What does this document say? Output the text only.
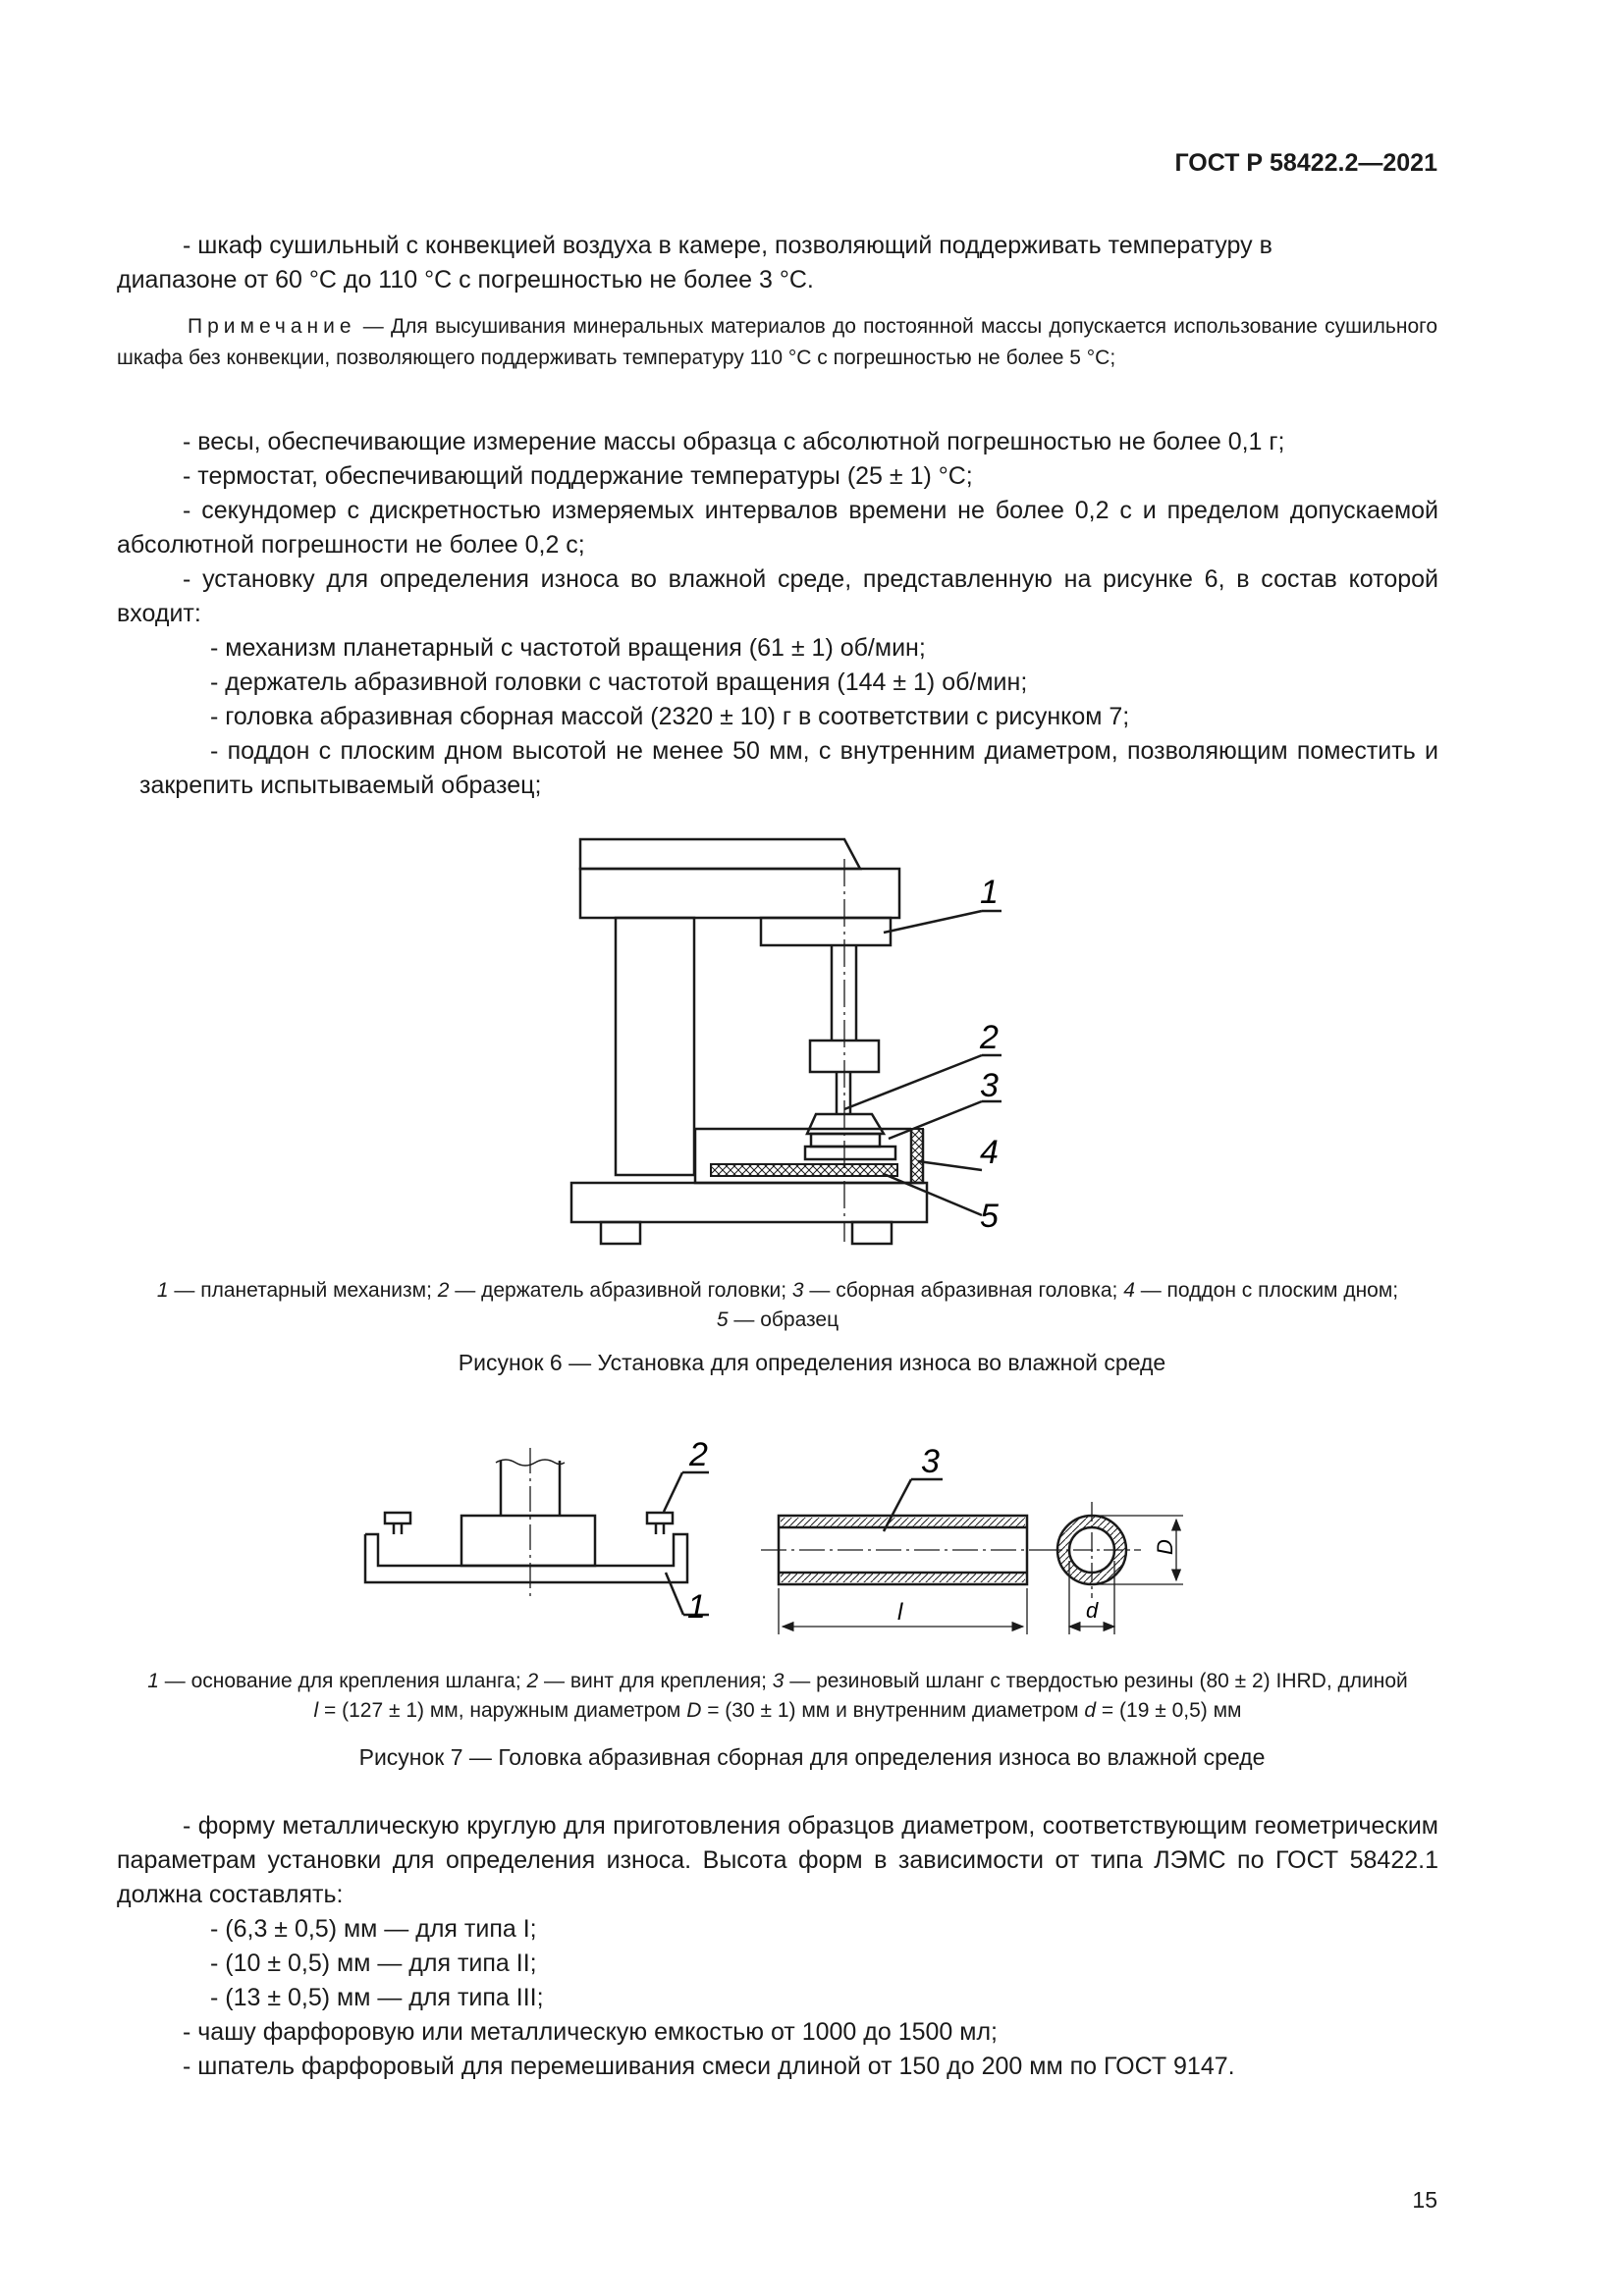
ГОСТ Р 58422.2—2021
- шкаф сушильный с конвекцией воздуха в камере, позволяющий поддерживать температуру в
диапазоне от 60 °С до 110 °С с погрешностью не более 3 °С.
Примечание — Для высушивания минеральных материалов до постоянной массы допускается использование сушильного шкафа без конвекции, позволяющего поддерживать температуру 110 °С с погрешностью не более 5 °С;
- весы, обеспечивающие измерение массы образца с абсолютной погрешностью не более 0,1 г;
- термостат, обеспечивающий поддержание температуры (25 ± 1) °С;
- секундомер с дискретностью измеряемых интервалов времени не более 0,2 с и пределом допускаемой абсолютной погрешности не более 0,2 с;
- установку для определения износа во влажной среде, представленную на рисунке 6, в состав которой входит:
- механизм планетарный с частотой вращения (61 ± 1) об/мин;
- держатель абразивной головки с частотой вращения (144 ± 1) об/мин;
- головка абразивная сборная массой (2320 ± 10) г в соответствии с рисунком 7;
- поддон с плоским дном высотой не менее 50 мм, с внутренним диаметром, позволяющим поместить и закрепить испытываемый образец;
1
2
3
4
5
1 — планетарный механизм; 2 — держатель абразивной головки; 3 — сборная абразивная головка; 4 — поддон с плоским дном;
5 — образец
Рисунок 6 — Установка для определения износа во влажной среде
2
1
3
l	d
D
1 — основание для крепления шланга; 2 — винт для крепления; 3 — резиновый шланг с твердостью резины (80 ± 2) IHRD, длиной
l = (127 ± 1) мм, наружным диаметром D = (30 ± 1) мм и внутренним диаметром d = (19 ± 0,5) мм
Рисунок 7 — Головка абразивная сборная для определения износа во влажной среде
- форму металлическую круглую для приготовления образцов диаметром, соответствующим геометрическим параметрам установки для определения износа. Высота форм в зависимости от типа ЛЭМС по ГОСТ 58422.1 должна составлять:
- (6,3 ± 0,5) мм — для типа I;
- (10 ± 0,5) мм — для типа II;
- (13 ± 0,5) мм — для типа III;
- чашу фарфоровую или металлическую емкостью от 1000 до 1500 мл;
- шпатель фарфоровый для перемешивания смеси длиной от 150 до 200 мм по ГОСТ 9147.
15
